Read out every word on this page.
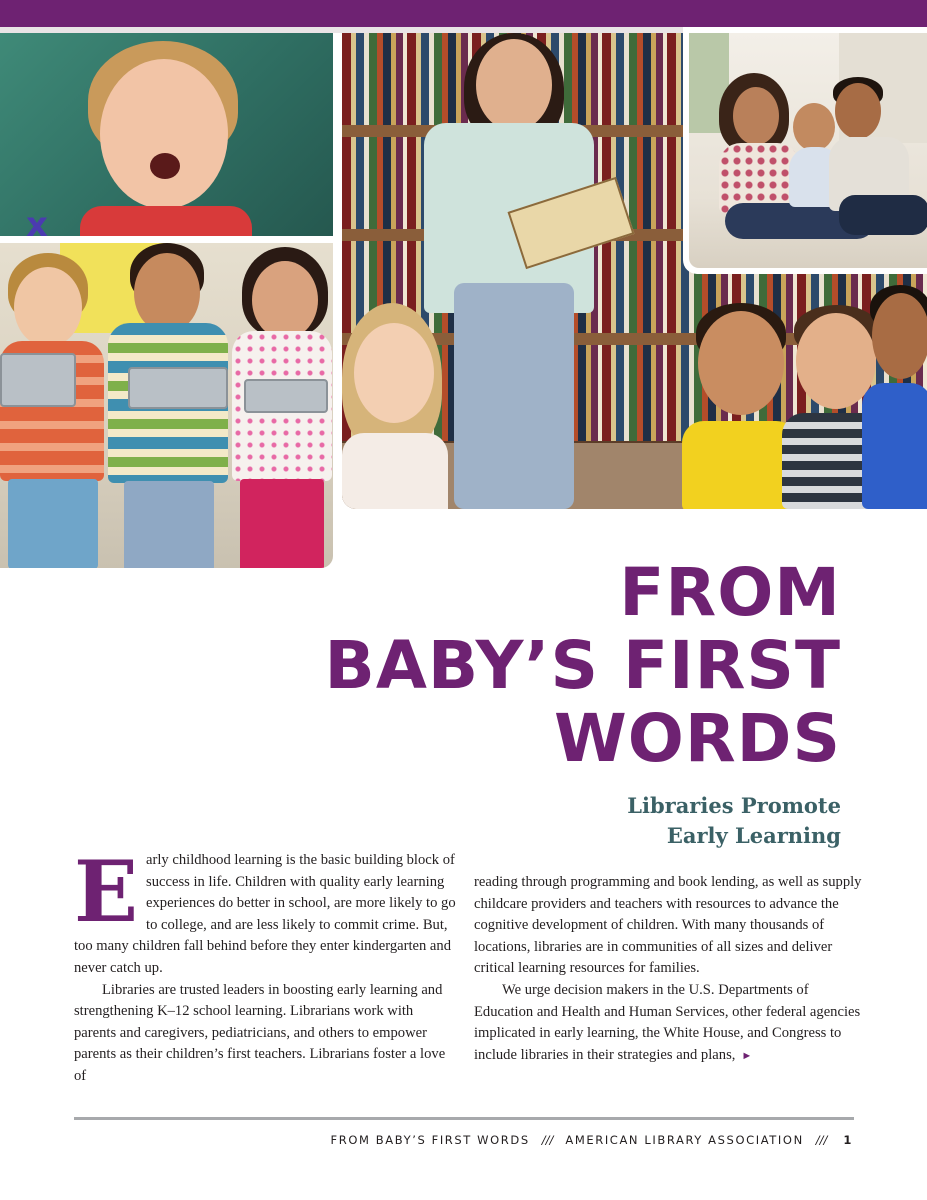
x
FROM
BABY’S FIRST
WORDS
Libraries Promote
Early Learning

Early childhood learning is the basic building block of success in life. Children with quality early learning experiences do better in school, are more likely to go to college, and are less likely to commit crime. But, too many children fall behind before they enter kindergarten and never catch up.

Libraries are trusted leaders in boosting early learning and strengthening K–12 school learning. Librarians work with parents and caregivers, pediatricians, and others to empower parents as their children’s first teachers. Librarians foster a love of

reading through programming and book lending, as well as supply childcare providers and teachers with resources to advance the cognitive development of children. With many thousands of locations, libraries are in communities of all sizes and deliver critical learning resources for families.

We urge decision makers in the U.S. Departments of Education and Health and Human Services, other federal agencies implicated in early learning, the White House, and Congress to include libraries in their strategies and plans, ►

FROM BABY’S FIRST WORDS /// AMERICAN LIBRARY ASSOCIATION /// 1
